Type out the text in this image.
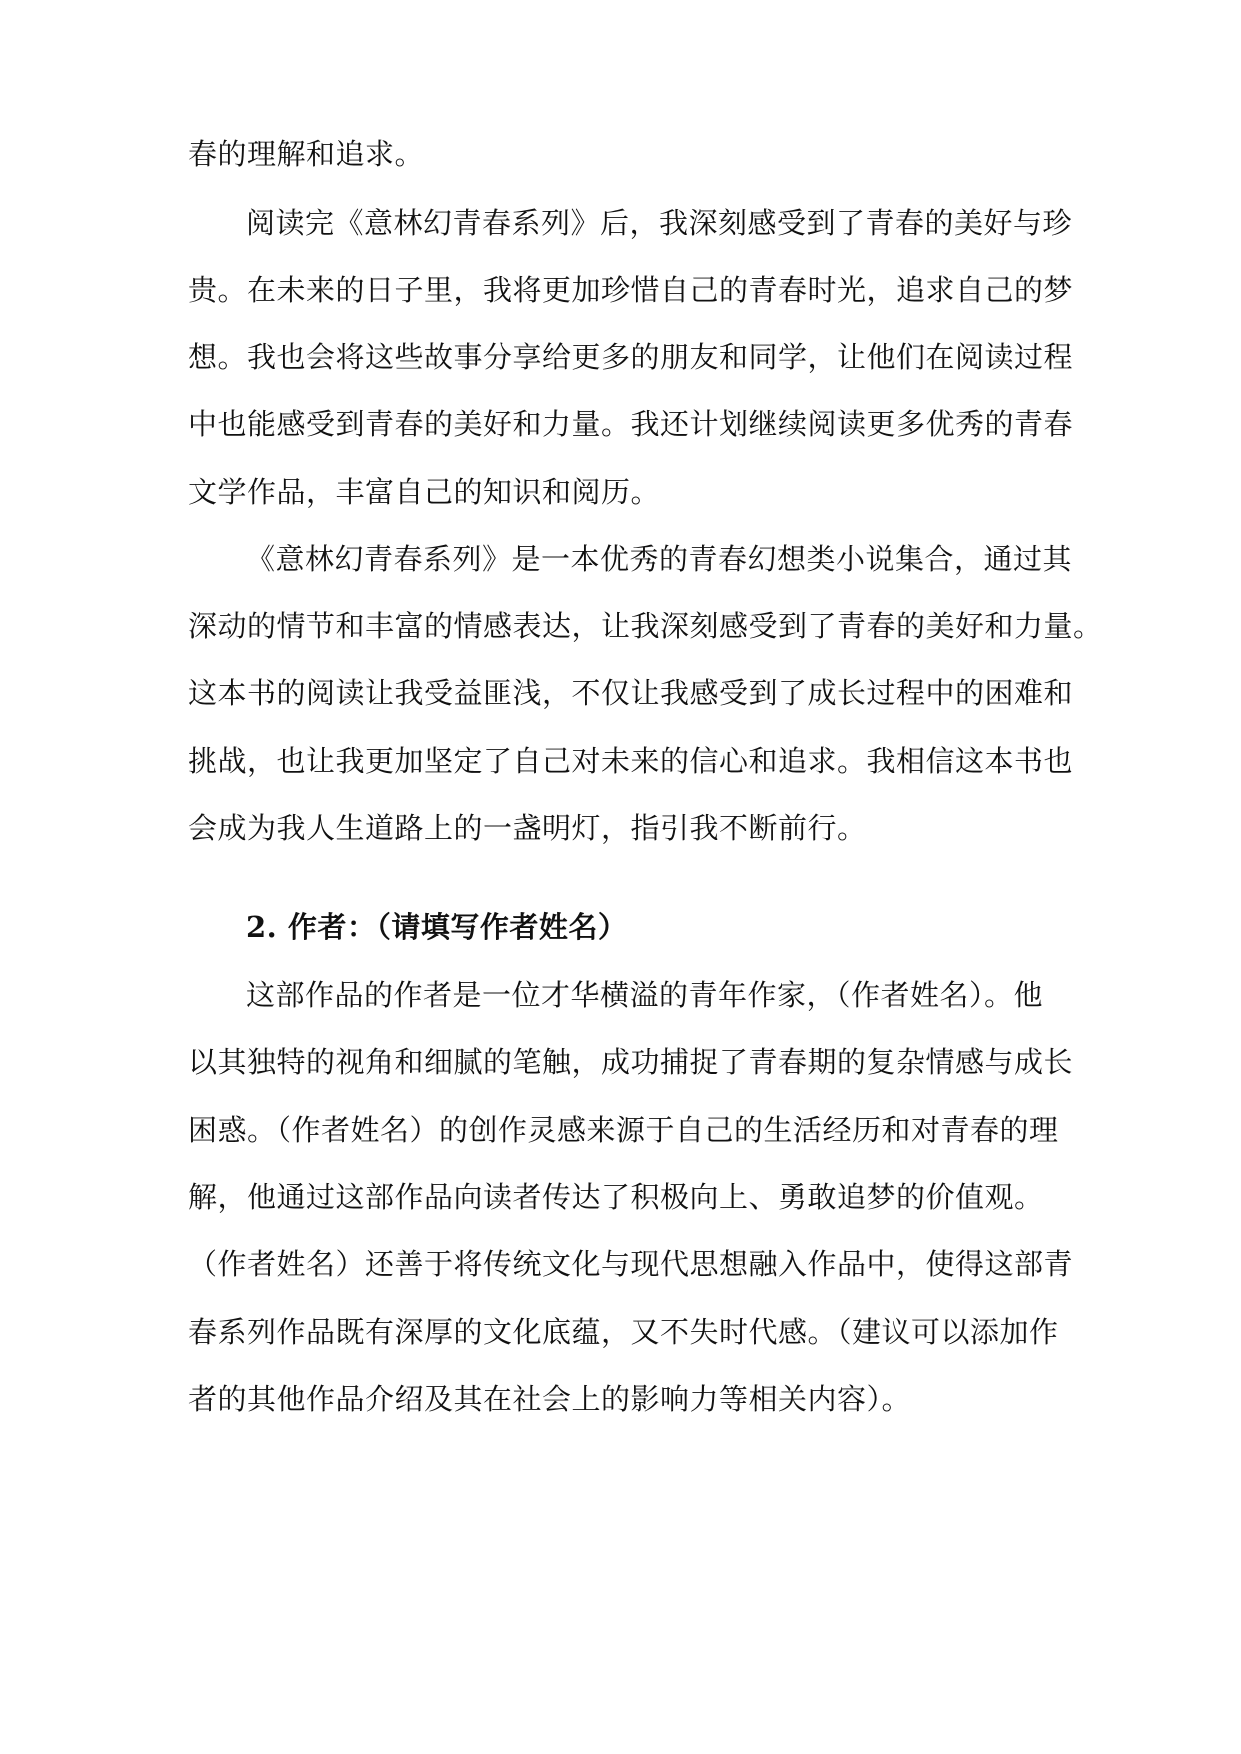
春的理解和追求。
阅读完《意林幻青春系列》后，我深刻感受到了青春的美好与珍
贵。在未来的日子里，我将更加珍惜自己的青春时光，追求自己的梦
想。我也会将这些故事分享给更多的朋友和同学，让他们在阅读过程
中也能感受到青春的美好和力量。我还计划继续阅读更多优秀的青春
文学作品，丰富自己的知识和阅历。
《意林幻青春系列》是一本优秀的青春幻想类小说集合，通过其
深动的情节和丰富的情感表达，让我深刻感受到了青春的美好和力量。
这本书的阅读让我受益匪浅，不仅让我感受到了成长过程中的困难和
挑战，也让我更加坚定了自己对未来的信心和追求。我相信这本书也
会成为我人生道路上的一盏明灯，指引我不断前行。
2. 作者：（请填写作者姓名）
这部作品的作者是一位才华横溢的青年作家，（作者姓名）。他
以其独特的视角和细腻的笔触，成功捕捉了青春期的复杂情感与成长
困惑。（作者姓名）的创作灵感来源于自己的生活经历和对青春的理
解，他通过这部作品向读者传达了积极向上、勇敢追梦的价值观。
（作者姓名）还善于将传统文化与现代思想融入作品中，使得这部青
春系列作品既有深厚的文化底蕴，又不失时代感。（建议可以添加作
者的其他作品介绍及其在社会上的影响力等相关内容）。
